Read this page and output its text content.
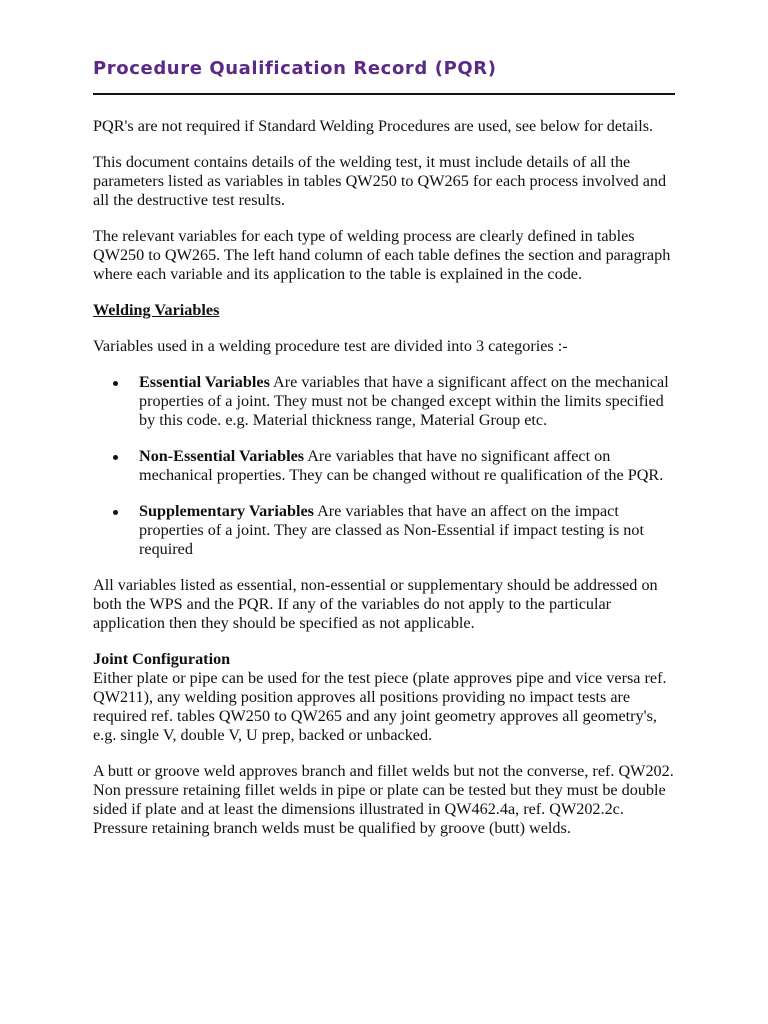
Procedure Qualification Record (PQR)

PQR's are not required if Standard Welding Procedures are used, see below for details.

This document contains details of the welding test, it must include details of all the parameters listed as variables in tables QW250 to QW265 for each process involved and all the destructive test results.

The relevant variables for each type of welding process are clearly defined in tables QW250 to QW265. The left hand column of each table defines the section and paragraph where each variable and its application to the table is explained in the code.

Welding Variables

Variables used in a welding procedure test are divided into 3 categories :-

Essential Variables Are variables that have a significant affect on the mechanical properties of a joint. They must not be changed except within the limits specified by this code. e.g. Material thickness range, Material Group etc.
Non-Essential Variables Are variables that have no significant affect on mechanical properties. They can be changed without re qualification of the PQR.
Supplementary Variables Are variables that have an affect on the impact properties of a joint. They are classed as Non-Essential if impact testing is not required

All variables listed as essential, non-essential or supplementary should be addressed on both the WPS and the PQR. If any of the variables do not apply to the particular application then they should be specified as not applicable.

Joint Configuration
Either plate or pipe can be used for the test piece (plate approves pipe and vice versa ref. QW211), any welding position approves all positions providing no impact tests are required ref. tables QW250 to QW265 and any joint geometry approves all geometry's, e.g. single V, double V, U prep, backed or unbacked.

A butt or groove weld approves branch and fillet welds but not the converse, ref. QW202. Non pressure retaining fillet welds in pipe or plate can be tested but they must be double sided if plate and at least the dimensions illustrated in QW462.4a, ref. QW202.2c. Pressure retaining branch welds must be qualified by groove (butt) welds.
